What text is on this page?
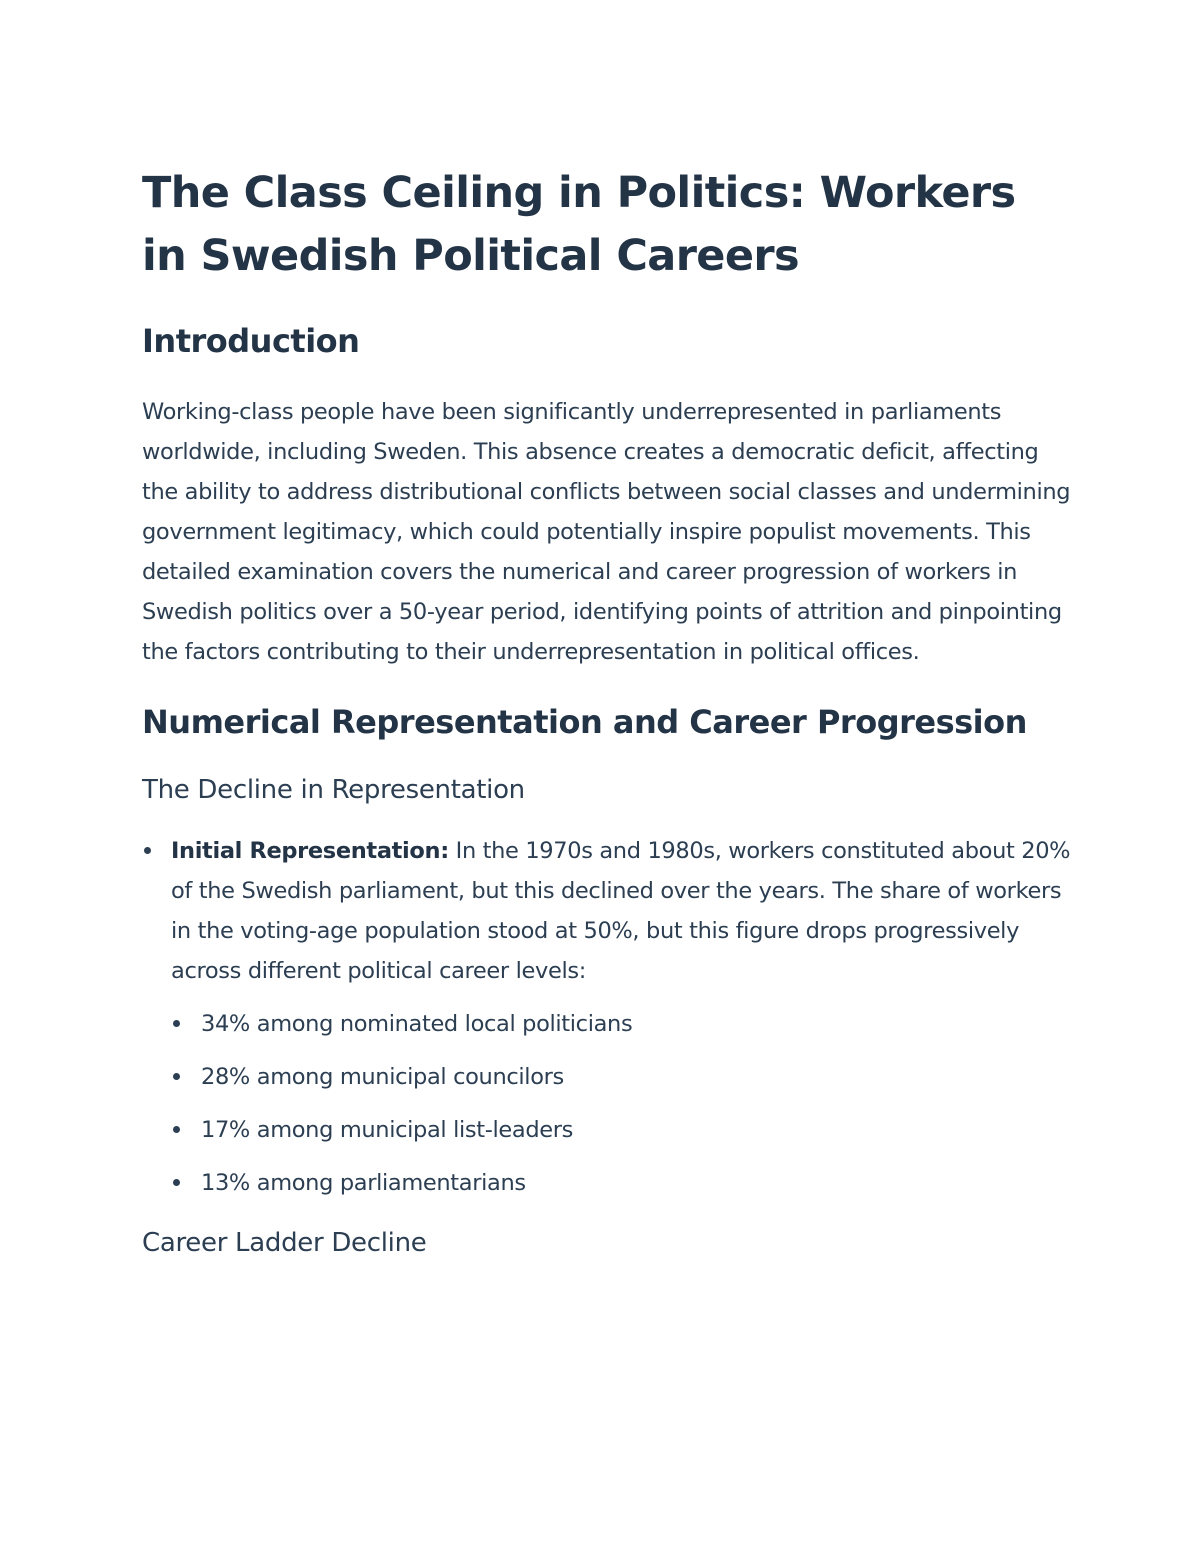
The Class Ceiling in Politics: Workers in Swedish Political Careers
Introduction

Working-class people have been significantly underrepresented in parliaments worldwide, including Sweden. This absence creates a democratic deficit, affecting the ability to address distributional conflicts between social classes and undermining government legitimacy, which could potentially inspire populist movements. This detailed examination covers the numerical and career progression of workers in Swedish politics over a 50-year period, identifying points of attrition and pinpointing the factors contributing to their underrepresentation in political offices.

Numerical Representation and Career Progression
The Decline in Representation
Initial Representation: In the 1970s and 1980s, workers constituted about 20% of the Swedish parliament, but this declined over the years. The share of workers in the voting-age population stood at 50%, but this figure drops progressively across different political career levels:
34% among nominated local politicians
28% among municipal councilors
17% among municipal list-leaders
13% among parliamentarians
Career Ladder Decline
